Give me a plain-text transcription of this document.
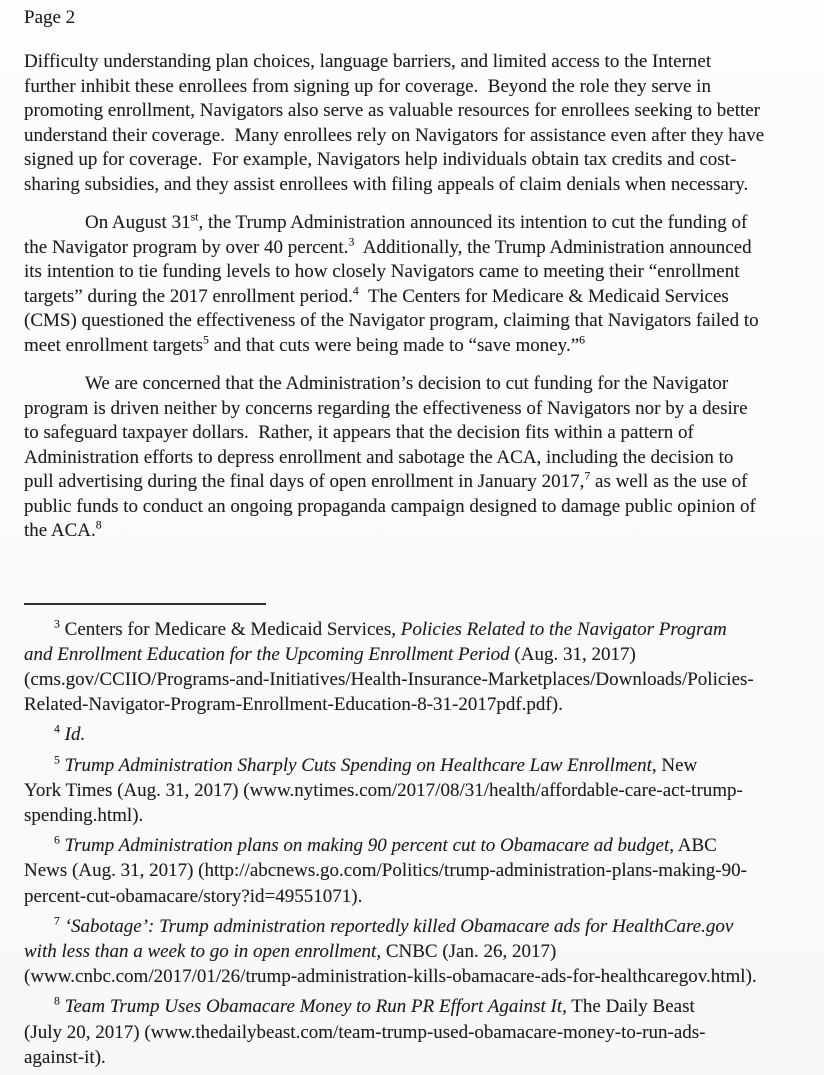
Page 2
Difficulty understanding plan choices, language barriers, and limited access to the Internet
further inhibit these enrollees from signing up for coverage.  Beyond the role they serve in
promoting enrollment, Navigators also serve as valuable resources for enrollees seeking to better
understand their coverage.  Many enrollees rely on Navigators for assistance even after they have
signed up for coverage.  For example, Navigators help individuals obtain tax credits and cost-
sharing subsidies, and they assist enrollees with filing appeals of claim denials when necessary.
On August 31st, the Trump Administration announced its intention to cut the funding of
the Navigator program by over 40 percent.$^3$  Additionally, the Trump Administration announced
its intention to tie funding levels to how closely Navigators came to meeting their “enrollment
targets” during the 2017 enrollment period.$^4$  The Centers for Medicare & Medicaid Services
(CMS) questioned the effectiveness of the Navigator program, claiming that Navigators failed to
meet enrollment targets$^5$ and that cuts were being made to “save money.”$^6$
We are concerned that the Administration’s decision to cut funding for the Navigator
program is driven neither by concerns regarding the effectiveness of Navigators nor by a desire
to safeguard taxpayer dollars.  Rather, it appears that the decision fits within a pattern of
Administration efforts to depress enrollment and sabotage the ACA, including the decision to
pull advertising during the final days of open enrollment in January 2017,$^7$ as well as the use of
public funds to conduct an ongoing propaganda campaign designed to damage public opinion of
the ACA.$^8$
$^3$ Centers for Medicare & Medicaid Services, Policies Related to the Navigator Program
and Enrollment Education for the Upcoming Enrollment Period (Aug. 31, 2017)
(cms.gov/CCIIO/Programs-and-Initiatives/Health-Insurance-Marketplaces/Downloads/Policies-
Related-Navigator-Program-Enrollment-Education-8-31-2017pdf.pdf).
$^4$ Id.
$^5$ Trump Administration Sharply Cuts Spending on Healthcare Law Enrollment, New
York Times (Aug. 31, 2017) (www.nytimes.com/2017/08/31/health/affordable-care-act-trump-
spending.html).
$^6$ Trump Administration plans on making 90 percent cut to Obamacare ad budget, ABC
News (Aug. 31, 2017) (http://abcnews.go.com/Politics/trump-administration-plans-making-90-
percent-cut-obamacare/story?id=49551071).
$^7$ ‘Sabotage’: Trump administration reportedly killed Obamacare ads for HealthCare.gov
with less than a week to go in open enrollment, CNBC (Jan. 26, 2017)
(www.cnbc.com/2017/01/26/trump-administration-kills-obamacare-ads-for-healthcaregov.html).
$^8$ Team Trump Uses Obamacare Money to Run PR Effort Against It, The Daily Beast
(July 20, 2017) (www.thedailybeast.com/team-trump-used-obamacare-money-to-run-ads-
against-it).
